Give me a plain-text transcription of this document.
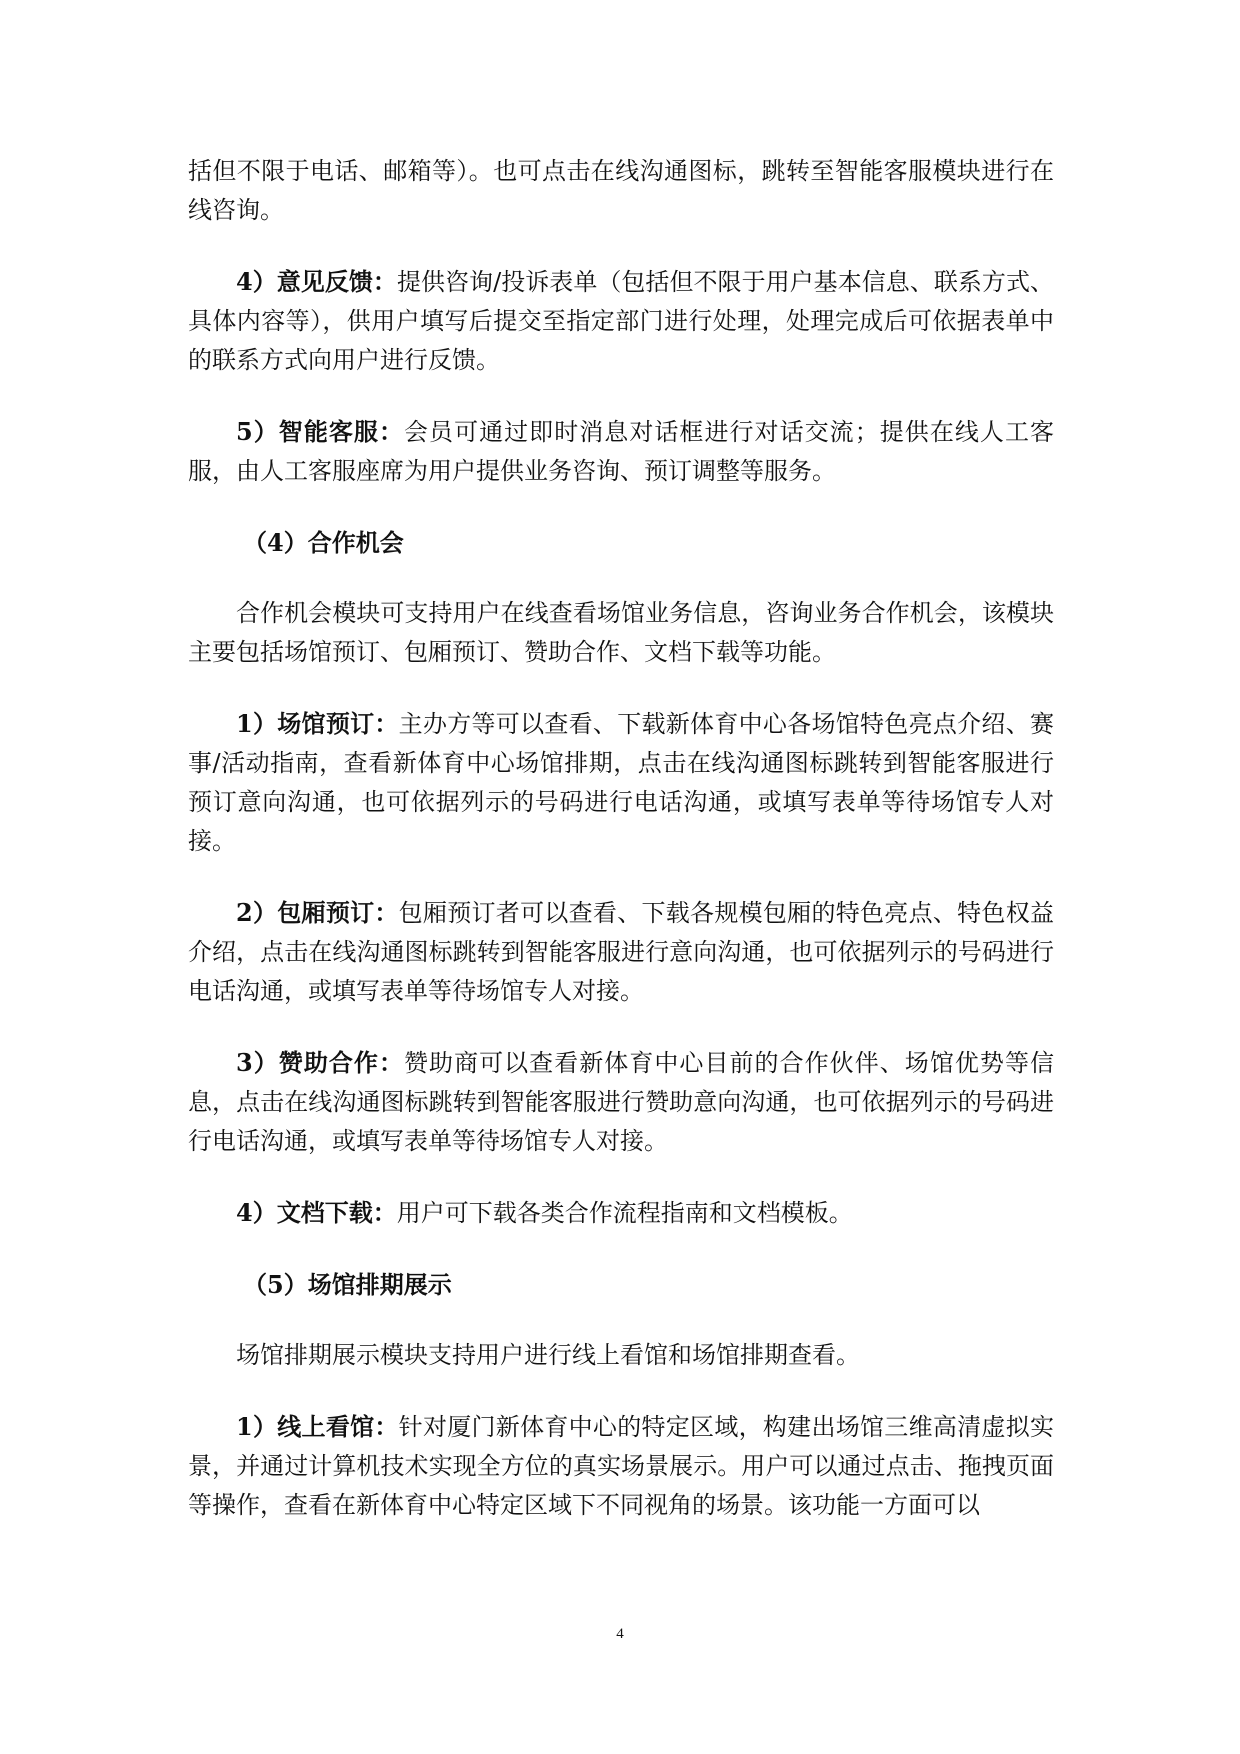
括但不限于电话、邮箱等）。也可点击在线沟通图标，跳转至智能客服模块进行在线咨询。

4）意见反馈：提供咨询/投诉表单（包括但不限于用户基本信息、联系方式、具体内容等），供用户填写后提交至指定部门进行处理，处理完成后可依据表单中的联系方式向用户进行反馈。

5）智能客服：会员可通过即时消息对话框进行对话交流；提供在线人工客服，由人工客服座席为用户提供业务咨询、预订调整等服务。

（4）合作机会

合作机会模块可支持用户在线查看场馆业务信息，咨询业务合作机会，该模块主要包括场馆预订、包厢预订、赞助合作、文档下载等功能。

1）场馆预订：主办方等可以查看、下载新体育中心各场馆特色亮点介绍、赛事/活动指南，查看新体育中心场馆排期，点击在线沟通图标跳转到智能客服进行预订意向沟通，也可依据列示的号码进行电话沟通，或填写表单等待场馆专人对接。

2）包厢预订：包厢预订者可以查看、下载各规模包厢的特色亮点、特色权益介绍，点击在线沟通图标跳转到智能客服进行意向沟通，也可依据列示的号码进行电话沟通，或填写表单等待场馆专人对接。

3）赞助合作：赞助商可以查看新体育中心目前的合作伙伴、场馆优势等信息，点击在线沟通图标跳转到智能客服进行赞助意向沟通，也可依据列示的号码进行电话沟通，或填写表单等待场馆专人对接。

4）文档下载：用户可下载各类合作流程指南和文档模板。

（5）场馆排期展示

场馆排期展示模块支持用户进行线上看馆和场馆排期查看。

1）线上看馆：针对厦门新体育中心的特定区域，构建出场馆三维高清虚拟实景，并通过计算机技术实现全方位的真实场景展示。用户可以通过点击、拖拽页面等操作，查看在新体育中心特定区域下不同视角的场景。该功能一方面可以

4
